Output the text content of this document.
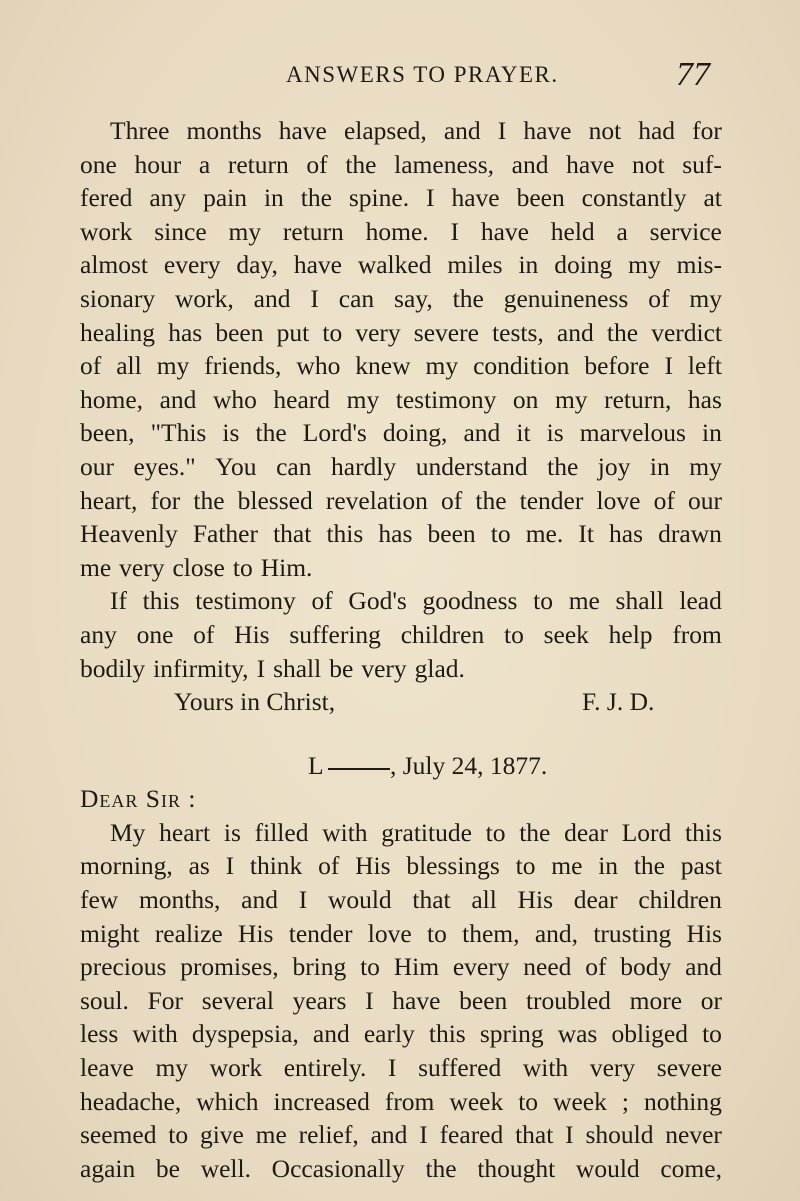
ANSWERS TO PRAYER.	77
Three months have elapsed, and I have not had for
one hour a return of the lameness, and have not suf-
fered any pain in the spine. I have been constantly at
work since my return home. I have held a service
almost every day, have walked miles in doing my mis-
sionary work, and I can say, the genuineness of my
healing has been put to very severe tests, and the verdict
of all my friends, who knew my condition before I left
home, and who heard my testimony on my return, has
been, "This is the Lord's doing, and it is marvelous in
our eyes." You can hardly understand the joy in my
heart, for the blessed revelation of the tender love of our
Heavenly Father that this has been to me. It has drawn
me very close to Him.
If this testimony of God's goodness to me shall lead
any one of His suffering children to seek help from
bodily infirmity, I shall be very glad.
Yours in Christ,	F. J. D.
L	, July 24, 1877.
Dear Sir :
My heart is filled with gratitude to the dear Lord this
morning, as I think of His blessings to me in the past
few months, and I would that all His dear children
might realize His tender love to them, and, trusting His
precious promises, bring to Him every need of body and
soul. For several years I have been troubled more or
less with dyspepsia, and early this spring was obliged to
leave my work entirely. I suffered with very severe
headache, which increased from week to week ; nothing
seemed to give me relief, and I feared that I should never
again be well. Occasionally the thought would come,
